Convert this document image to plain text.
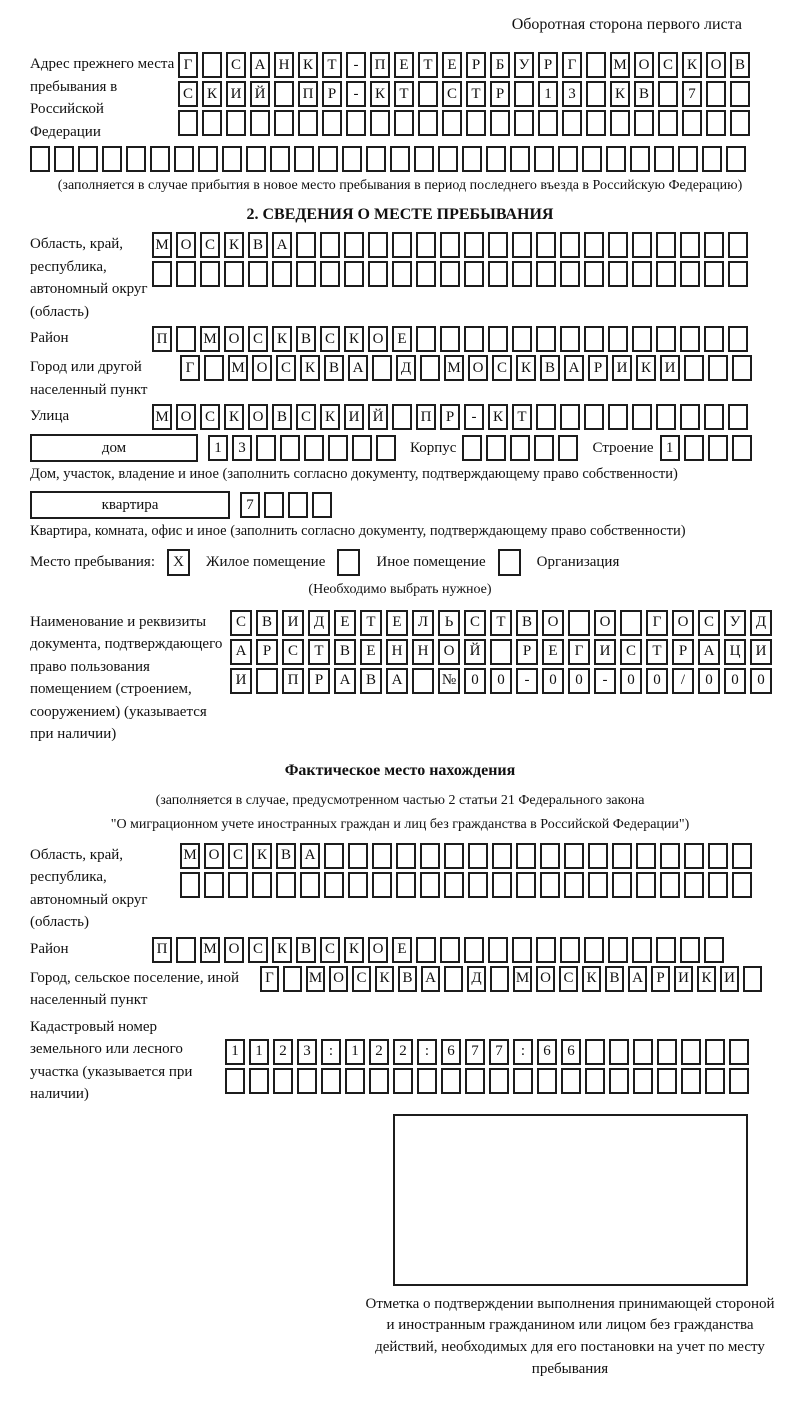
Оборотная сторона первого листа
Адрес прежнего места пребывания в Российской Федерации
Г	С А Н К Т	-	П Е Т Е	Р	Б У Р	Г	М О С К О В
С К И Й	П Р	-	К Т	С Т	Р	1	3	К В	7
(заполняется в случае прибытия в новое место пребывания в период последнего въезда в Российскую Федерацию)
2. СВЕДЕНИЯ О МЕСТЕ ПРЕБЫВАНИЯ
Область, край, республика, автономный округ (область)
М О С К В А
Район	П	М О С К В С К О Е
Город или другой населенный пункт
Г	М О С К В А	Д	М О С К В А Р И К И
Улица	М О С К О В С К И Й	П Р	-	К Т
дом	1	3	Корпус	Строение 1
Дом, участок, владение и иное (заполнить согласно документу, подтверждающему право собственности)
квартира	7
Квартира, комната, офис и иное (заполнить согласно документу, подтверждающему право собственности)
Место пребывания:	X	Жилое помещение	Иное помещение	Организация
(Необходимо выбрать нужное)
Наименование и реквизиты документа, подтверждающего право пользования помещением (строением, сооружением) (указывается при наличии)
С	В	И	Д	Е	Т	Е	Л	Ь	С	Т	В	О	О	Г	О	С	У	Д
А	Р	С	Т	В	Е	Н	Н	О	Й	Р	Е	Г	И	С	Т	Р	А	Ц	И
И	П	Р	А	В	А	№	0	0	-	0	0	-	0	0	/	0	0	0
Фактическое место нахождения
(заполняется в случае, предусмотренном частью 2 статьи 21 Федерального закона
"О миграционном учете иностранных граждан и лиц без гражданства в Российской Федерации")
Область, край, республика, автономный округ (область)
М О С К В А
Район	П	М О С К В С К О Е
Город, сельское поселение, иной населенный пункт
Г	М О С К В А Д М О С К В А Р И К И
Кадастровый номер земельного или лесного участка (указывается при наличии)
1	1	2	3	:	1	2	2	:	6	7	7	:	6	6
Отметка о подтверждении выполнения принимающей стороной и иностранным гражданином или лицом без гражданства действий, необходимых для его постановки на учет по месту пребывания
